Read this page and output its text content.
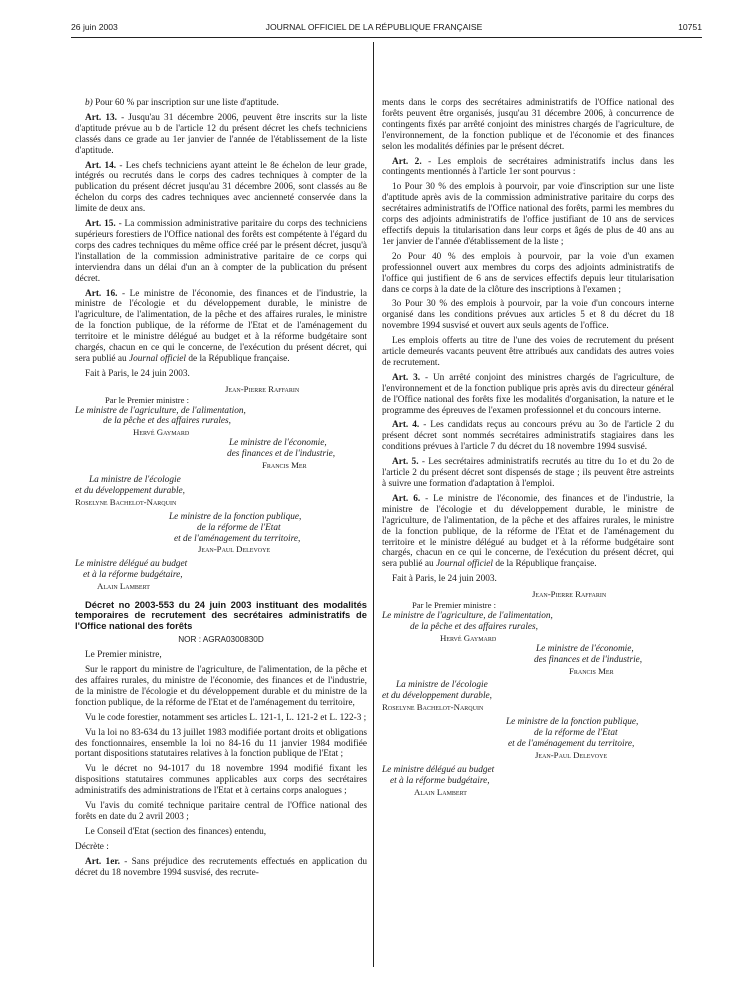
26 juin 2003	JOURNAL OFFICIEL DE LA RÉPUBLIQUE FRANÇAISE	10751

b) Pour 60 % par inscription sur une liste d'aptitude.

Art. 13. - Jusqu'au 31 décembre 2006, peuvent être inscrits sur la liste d'aptitude prévue au b de l'article 12 du présent décret les chefs techniciens classés dans ce grade au 1er janvier de l'année de l'établissement de la liste d'aptitude.

Art. 14. - Les chefs techniciens ayant atteint le 8e échelon de leur grade, intégrés ou recrutés dans le corps des cadres techniques à compter de la publication du présent décret jusqu'au 31 décembre 2006, sont classés au 8e échelon du corps des cadres techniques avec ancienneté conservée dans la limite de deux ans.

Art. 15. - La commission administrative paritaire du corps des techniciens supérieurs forestiers de l'Office national des forêts est compétente à l'égard du corps des cadres techniques du même office créé par le présent décret, jusqu'à l'installation de la commission administrative paritaire de ce corps qui interviendra dans un délai d'un an à compter de la publication du présent décret.

Art. 16. - Le ministre de l'économie, des finances et de l'industrie, la ministre de l'écologie et du développement durable, le ministre de l'agriculture, de l'alimentation, de la pêche et des affaires rurales, le ministre de la fonction publique, de la réforme de l'Etat et de l'aménagement du territoire et le ministre délégué au budget et à la réforme budgétaire sont chargés, chacun en ce qui le concerne, de l'exécution du présent décret, qui sera publié au Journal officiel de la République française.

Fait à Paris, le 24 juin 2003.

Jean-Pierre Raffarin
Par le Premier ministre :
Le ministre de l'agriculture, de l'alimentation,
de la pêche et des affaires rurales,
Hervé Gaymard
Le ministre de l'économie,
des finances et de l'industrie,
Francis Mer
La ministre de l'écologie
et du développement durable,
Roselyne Bachelot-Narquin
Le ministre de la fonction publique,
de la réforme de l'Etat
et de l'aménagement du territoire,
Jean-Paul Delevoye
Le ministre délégué au budget
et à la réforme budgétaire,
Alain Lambert

Décret no 2003-553 du 24 juin 2003 instituant des modalités temporaires de recrutement des secrétaires administratifs de l'Office national des forêts

NOR : AGRA0300830D

Le Premier ministre,

Sur le rapport du ministre de l'agriculture, de l'alimentation, de la pêche et des affaires rurales, du ministre de l'économie, des finances et de l'industrie, de la ministre de l'écologie et du développement durable et du ministre de la fonction publique, de la réforme de l'Etat et de l'aménagement du territoire,

Vu le code forestier, notamment ses articles L. 121-1, L. 121-2 et L. 122-3 ;

Vu la loi no 83-634 du 13 juillet 1983 modifiée portant droits et obligations des fonctionnaires, ensemble la loi no 84-16 du 11 janvier 1984 modifiée portant dispositions statutaires relatives à la fonction publique de l'Etat ;

Vu le décret no 94-1017 du 18 novembre 1994 modifié fixant les dispositions statutaires communes applicables aux corps des secrétaires administratifs des administrations de l'Etat et à certains corps analogues ;

Vu l'avis du comité technique paritaire central de l'Office national des forêts en date du 2 avril 2003 ;

Le Conseil d'Etat (section des finances) entendu,

Décrète :

Art. 1er. - Sans préjudice des recrutements effectués en application du décret du 18 novembre 1994 susvisé, des recrute-

ments dans le corps des secrétaires administratifs de l'Office national des forêts peuvent être organisés, jusqu'au 31 décembre 2006, à concurrence de contingents fixés par arrêté conjoint des ministres chargés de l'agriculture, de l'environnement, de la fonction publique et de l'économie et des finances selon les modalités définies par le présent décret.

Art. 2. - Les emplois de secrétaires administratifs inclus dans les contingents mentionnés à l'article 1er sont pourvus :

1o Pour 30 % des emplois à pourvoir, par voie d'inscription sur une liste d'aptitude après avis de la commission administrative paritaire du corps des secrétaires administratifs de l'Office national des forêts, parmi les membres du corps des adjoints administratifs de l'office justifiant de 10 ans de services effectifs depuis la titularisation dans leur corps et âgés de plus de 40 ans au 1er janvier de l'année d'établissement de la liste ;

2o Pour 40 % des emplois à pourvoir, par la voie d'un examen professionnel ouvert aux membres du corps des adjoints administratifs de l'office qui justifient de 6 ans de services effectifs depuis leur titularisation dans ce corps à la date de la clôture des inscriptions à l'examen ;

3o Pour 30 % des emplois à pourvoir, par la voie d'un concours interne organisé dans les conditions prévues aux articles 5 et 8 du décret du 18 novembre 1994 susvisé et ouvert aux seuls agents de l'office.

Les emplois offerts au titre de l'une des voies de recrutement du présent article demeurés vacants peuvent être attribués aux candidats des autres voies de recrutement.

Art. 3. - Un arrêté conjoint des ministres chargés de l'agriculture, de l'environnement et de la fonction publique pris après avis du directeur général de l'Office national des forêts fixe les modalités d'organisation, la nature et le programme des épreuves de l'examen professionnel et du concours interne.

Art. 4. - Les candidats reçus au concours prévu au 3o de l'article 2 du présent décret sont nommés secrétaires administratifs stagiaires dans les conditions prévues à l'article 7 du décret du 18 novembre 1994 susvisé.

Art. 5. - Les secrétaires administratifs recrutés au titre du 1o et du 2o de l'article 2 du présent décret sont dispensés de stage ; ils peuvent être astreints à suivre une formation d'adaptation à l'emploi.

Art. 6. - Le ministre de l'économie, des finances et de l'industrie, la ministre de l'écologie et du développement durable, le ministre de l'agriculture, de l'alimentation, de la pêche et des affaires rurales, le ministre de la fonction publique, de la réforme de l'Etat et de l'aménagement du territoire et le ministre délégué au budget et à la réforme budgétaire sont chargés, chacun en ce qui le concerne, de l'exécution du présent décret, qui sera publié au Journal officiel de la République française.

Fait à Paris, le 24 juin 2003.

Jean-Pierre Raffarin
Par le Premier ministre :
Le ministre de l'agriculture, de l'alimentation,
de la pêche et des affaires rurales,
Hervé Gaymard
Le ministre de l'économie,
des finances et de l'industrie,
Francis Mer
La ministre de l'écologie
et du développement durable,
Roselyne Bachelot-Narquin
Le ministre de la fonction publique,
de la réforme de l'Etat
et de l'aménagement du territoire,
Jean-Paul Delevoye
Le ministre délégué au budget
et à la réforme budgétaire,
Alain Lambert
